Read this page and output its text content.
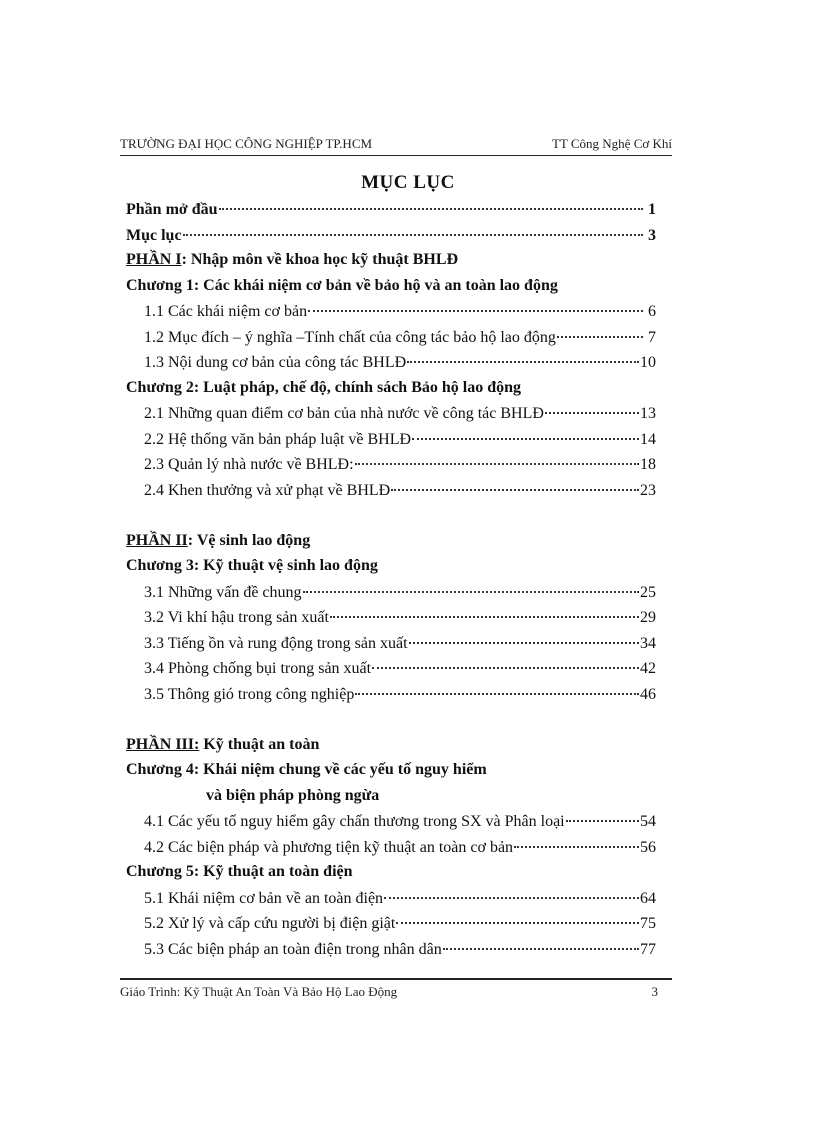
TRƯỜNG ĐẠI HỌC CÔNG NGHIỆP TP.HCM	TT Công Nghệ Cơ Khí
MỤC LỤC
Phần mở đầu	1
Mục lục	3
PHẦN I: Nhập môn về khoa học kỹ thuật BHLĐ
Chương 1: Các khái niệm cơ bản về bảo hộ và an toàn lao động
1.1 Các khái niệm cơ bản	6
1.2 Mục đích – ý nghĩa –Tính chất của công tác bảo hộ lao động	7
1.3 Nội dung cơ bản của công tác BHLĐ	10
Chương 2: Luật pháp, chế độ, chính sách Bảo hộ lao động
2.1 Những quan điểm cơ bản của nhà nước về công tác BHLĐ	13
2.2 Hệ thống văn bản pháp luật về BHLĐ	14
2.3 Quản lý nhà nước về BHLĐ:	18
2.4 Khen thưởng và xử phạt về BHLĐ	23
PHẦN II: Vệ sinh lao động
Chương 3: Kỹ thuật vệ sinh lao động
3.1 Những vấn đề chung	25
3.2 Vi khí hậu trong sản xuất	29
3.3 Tiếng ồn và rung động trong sản xuất	34
3.4 Phòng chống bụi trong sản xuất	42
3.5 Thông gió trong công nghiệp	46
PHẦN III: Kỹ thuật an toàn
Chương 4: Khái niệm chung về các yếu tố nguy hiểm
và biện pháp phòng ngừa
4.1 Các yếu tố nguy hiểm gây chấn thương trong SX và Phân loại	54
4.2 Các biện pháp và phương tiện kỹ thuật an toàn cơ bản	56
Chương 5: Kỹ thuật an toàn điện
5.1 Khái niệm cơ bản về an toàn điện	64
5.2 Xử lý và cấp cứu người bị điện giật	75
5.3 Các biện pháp an toàn điện trong nhân dân	77
Giáo Trình: Kỹ Thuật An Toàn Và Bảo Hộ Lao Động	3
